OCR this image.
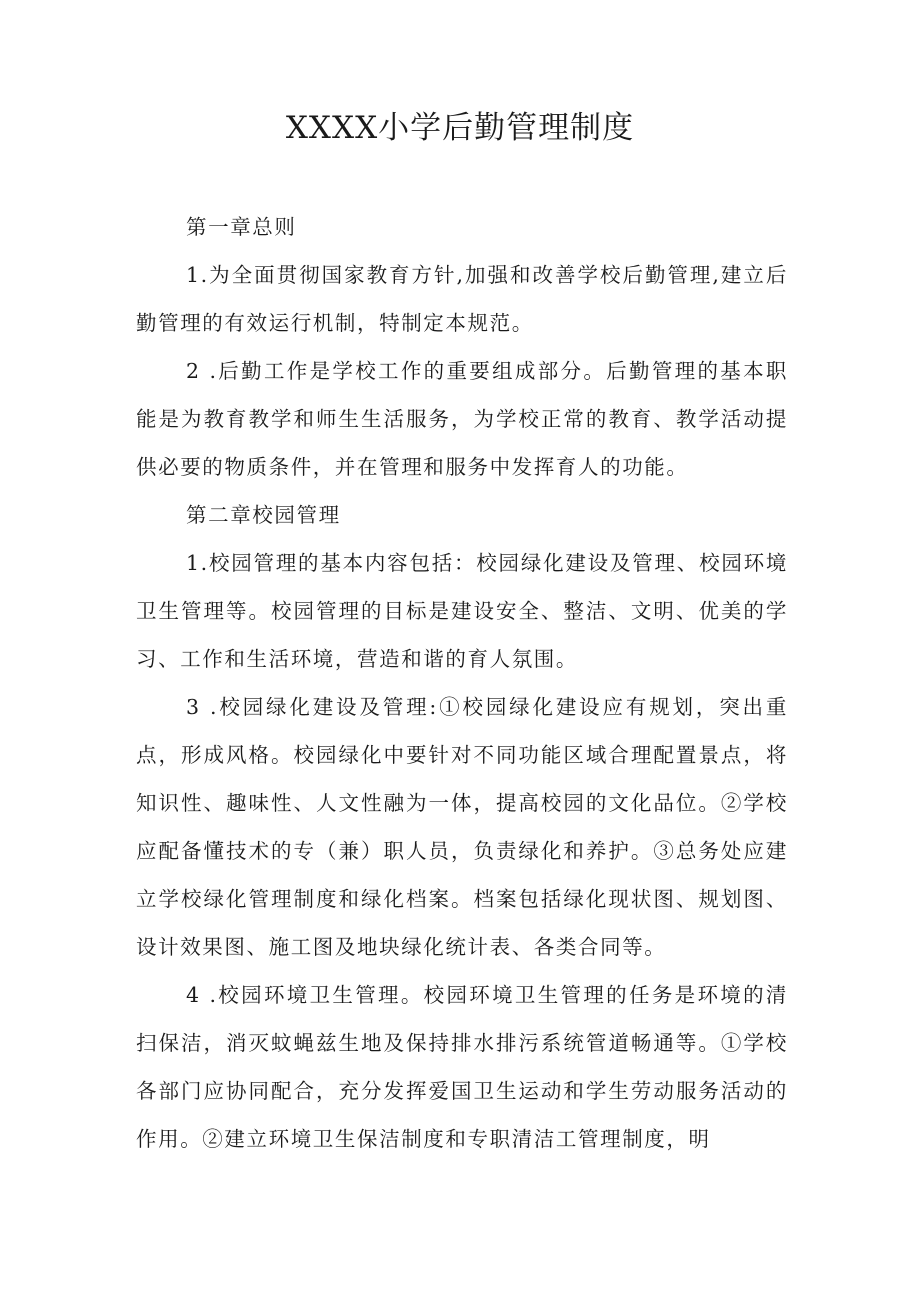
XXXX小学后勤管理制度

第一章总则

1.为全面贯彻国家教育方针,加强和改善学校后勤管理,建立后勤管理的有效运行机制，特制定本规范。

2 .后勤工作是学校工作的重要组成部分。后勤管理的基本职能是为教育教学和师生生活服务，为学校正常的教育、教学活动提供必要的物质条件，并在管理和服务中发挥育人的功能。

第二章校园管理

1.校园管理的基本内容包括：校园绿化建设及管理、校园环境卫生管理等。校园管理的目标是建设安全、整洁、文明、优美的学习、工作和生活环境，营造和谐的育人氛围。

3 .校园绿化建设及管理:①校园绿化建设应有规划，突出重点，形成风格。校园绿化中要针对不同功能区域合理配置景点，将知识性、趣味性、人文性融为一体，提高校园的文化品位。②学校应配备懂技术的专（兼）职人员，负责绿化和养护。③总务处应建立学校绿化管理制度和绿化档案。档案包括绿化现状图、规划图、设计效果图、施工图及地块绿化统计表、各类合同等。

4 .校园环境卫生管理。校园环境卫生管理的任务是环境的清扫保洁，消灭蚊蝇兹生地及保持排水排污系统管道畅通等。①学校各部门应协同配合，充分发挥爱国卫生运动和学生劳动服务活动的作用。②建立环境卫生保洁制度和专职清洁工管理制度，明
